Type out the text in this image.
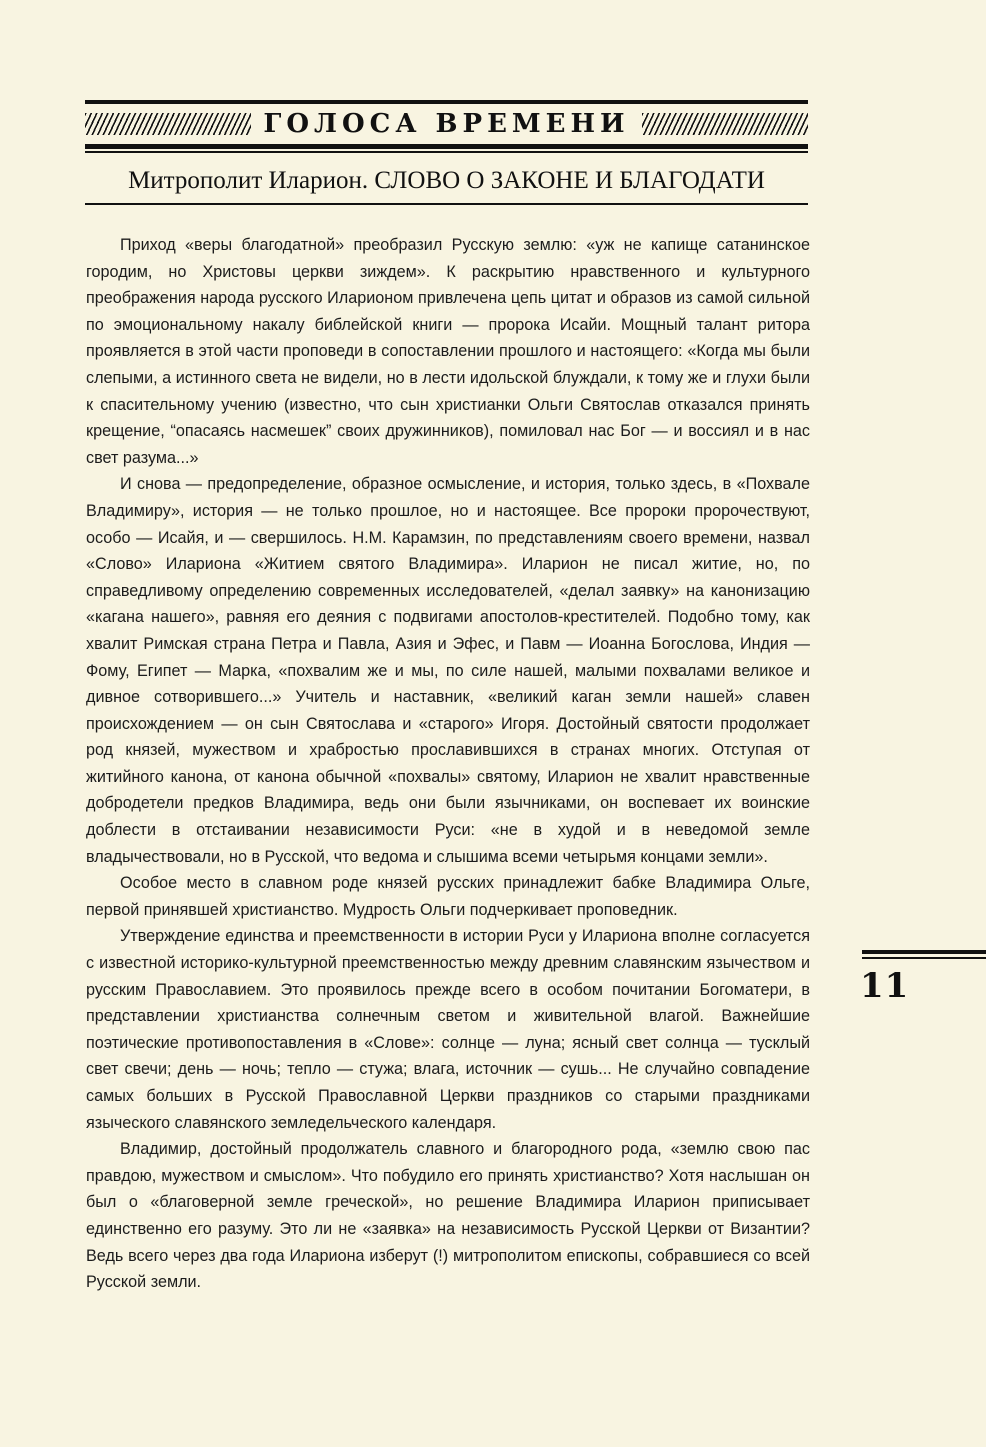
ГОЛОСА ВРЕМЕНИ
Митрополит Иларион. СЛОВО О ЗАКОНЕ И БЛАГОДАТИ

Приход «веры благодатной» преобразил Русскую землю: «уж не капище сатанинское городим, но Христовы церкви зиждем». К раскрытию нравственного и культурного преображения народа русского Иларионом привлечена цепь цитат и образов из самой сильной по эмоциональному накалу библейской книги — пророка Исайи. Мощный талант ритора проявляется в этой части проповеди в сопоставлении прошлого и настоящего: «Когда мы были слепыми, а истинного света не видели, но в лести идольской блуждали, к тому же и глухи были к спасительному учению (известно, что сын христианки Ольги Святослав отказался принять крещение, “опасаясь насмешек” своих дружинников), помиловал нас Бог — и воссиял и в нас свет разума...»

И снова — предопределение, образное осмысление, и история, только здесь, в «Похвале Владимиру», история — не только прошлое, но и настоящее. Все пророки пророчествуют, особо — Исайя, и — свершилось. Н.М. Карамзин, по представлениям своего времени, назвал «Слово» Илариона «Житием святого Владимира». Иларион не писал житие, но, по справедливому определению современных исследователей, «делал заявку» на канонизацию «кагана нашего», равняя его деяния с подвигами апостолов-крестителей. Подобно тому, как хвалит Римская страна Петра и Павла, Азия и Эфес, и Павм — Иоанна Богослова, Индия — Фому, Египет — Марка, «похвалим же и мы, по силе нашей, малыми похвалами великое и дивное сотворившего...» Учитель и наставник, «великий каган земли нашей» славен происхождением — он сын Святослава и «старого» Игоря. Достойный святости продолжает род князей, мужеством и храбростью прославившихся в странах многих. Отступая от житийного канона, от канона обычной «похвалы» святому, Иларион не хвалит нравственные добродетели предков Владимира, ведь они были язычниками, он воспевает их воинские доблести в отстаивании независимости Руси: «не в худой и в неведомой земле владычествовали, но в Русской, что ведома и слышима всеми четырьмя концами земли».

Особое место в славном роде князей русских принадлежит бабке Владимира Ольге, первой принявшей христианство. Мудрость Ольги подчеркивает проповедник.

Утверждение единства и преемственности в истории Руси у Илариона вполне согласуется с известной историко-культурной преемственностью между древним славянским язычеством и русским Православием. Это проявилось прежде всего в особом почитании Богоматери, в представлении христианства солнечным светом и живительной влагой. Важнейшие поэтические противопоставления в «Слове»: солнце — луна; ясный свет солнца — тусклый свет свечи; день — ночь; тепло — стужа; влага, источник — сушь... Не случайно совпадение самых больших в Русской Православной Церкви праздников со старыми праздниками языческого славянского земледельческого календаря.

Владимир, достойный продолжатель славного и благородного рода, «землю свою пас правдою, мужеством и смыслом». Что побудило его принять христианство? Хотя наслышан он был о «благоверной земле греческой», но решение Владимира Иларион приписывает единственно его разуму. Это ли не «заявка» на независимость Русской Церкви от Византии? Ведь всего через два года Илариона изберут (!) митрополитом епископы, собравшиеся со всей Русской земли.

11
